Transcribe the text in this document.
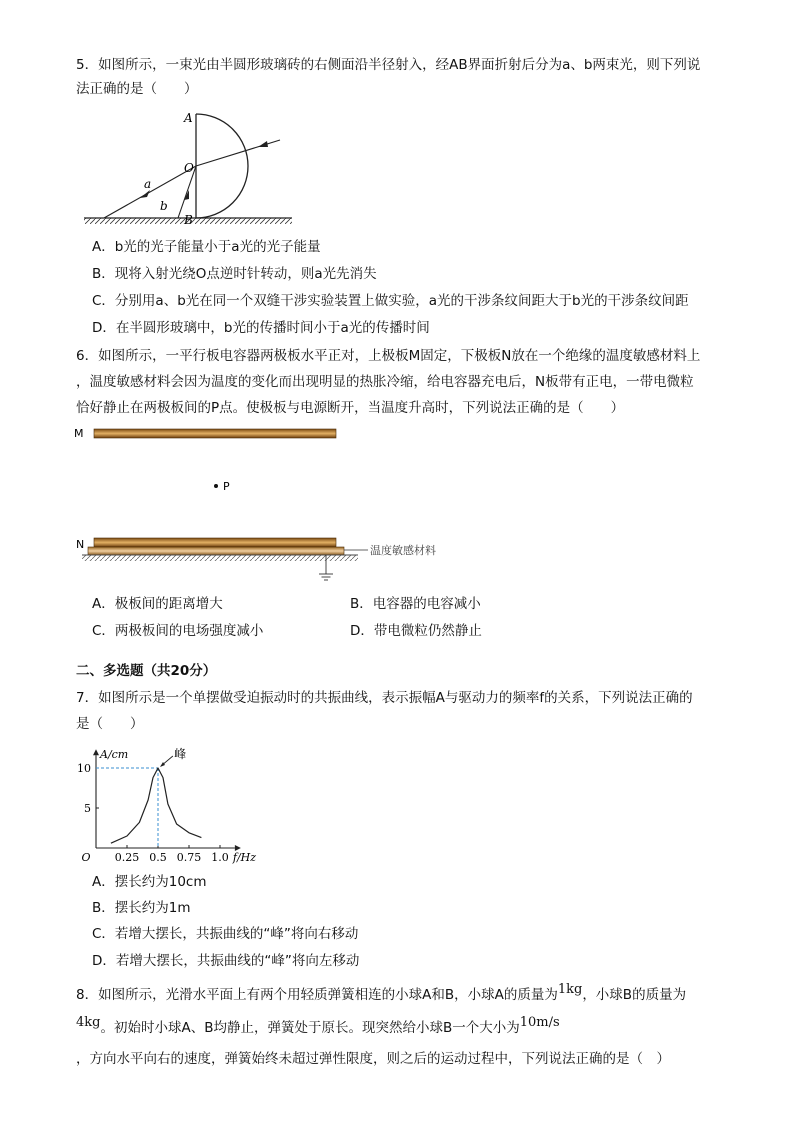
5．如图所示，一束光由半圆形玻璃砖的右侧面沿半径射入，经AB界面折射后分为a、b两束光，则下列说
法正确的是（　　）
A
O
B
a
b
A．b光的光子能量小于a光的光子能量
B．现将入射光绕O点逆时针转动，则a光先消失
C．分别用a、b光在同一个双缝干涉实验装置上做实验，a光的干涉条纹间距大于b光的干涉条纹间距
D．在半圆形玻璃中，b光的传播时间小于a光的传播时间
6．如图所示，一平行板电容器两极板水平正对，上极板M固定，下极板N放在一个绝缘的温度敏感材料上
，温度敏感材料会因为温度的变化而出现明显的热胀冷缩，给电容器充电后，N板带有正电，一带电微粒
恰好静止在两极板间的P点。使极板与电源断开，当温度升高时，下列说法正确的是（　　）
M
P
N	温度敏感材料
A．极板间的距离增大	B．电容器的电容减小
C．两极板间的电场强度减小	D．带电微粒仍然静止
二、多选题（共20分）
7．如图所示是一个单摆做受迫振动时的共振曲线，表示振幅A与驱动力的频率f的关系，下列说法正确的
是（　　）
A/cm
10
5
O 0.25 0.5 0.75 1.0 f/Hz
峰
A．摆长约为10cm
B．摆长约为1m
C．若增大摆长，共振曲线的“峰”将向右移动
D．若增大摆长，共振曲线的“峰”将向左移动
8．如图所示，光滑水平面上有两个用轻质弹簧相连的小球A和B，小球A的质量为1kg，小球B的质量为
4kg。初始时小球A、B均静止，弹簧处于原长。现突然给小球B一个大小为10m/s
，方向水平向右的速度，弹簧始终未超过弹性限度，则之后的运动过程中，下列说法正确的是（　）
